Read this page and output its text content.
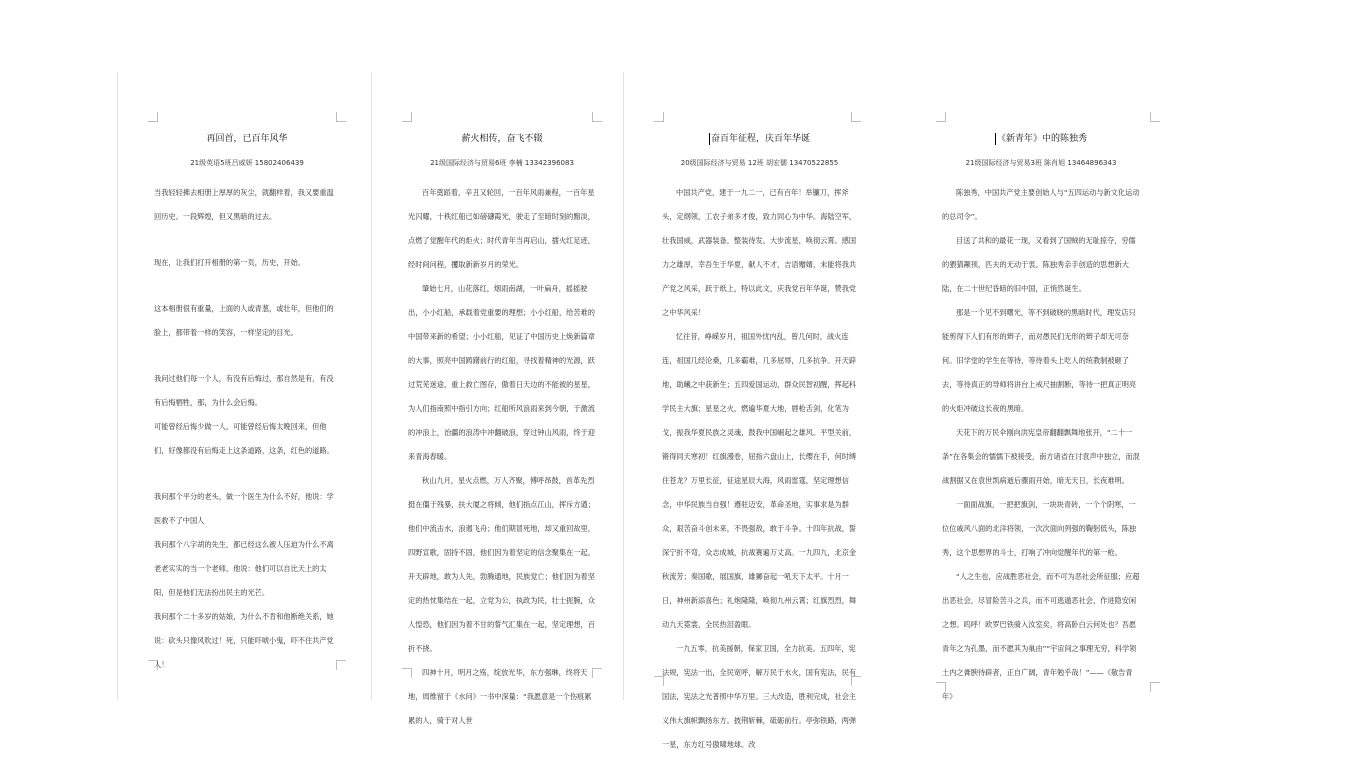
再回首，已百年风华
21级英语5班吕威妍 15802406439

当我轻轻拂去相册上厚厚的灰尘，就翻样着，我又要重温回历史。一段辉煌，但又黑暗的过去。

现在，让我们打开相册的第一页，历史，开始。

这本相册很有重量，上面的人或青葱，或壮年，但他们的脸上，都带着一样的笑容，一样坚定的目光。

我问过他们每一个人，有没有后悔过，那自然是有，有没有后悔牺牲，那，为什么会后悔。

可能曾经后悔少做一人，可能曾经后悔太晚回来，但他们，好像都没有后悔走上这条道路，这条，红色的道路。

我问那个平分的老头，做一个医生为什么不好，他说：学医救不了中国人

我问那个八字胡的先生，都已经这么被人压迫为什么不离老老实实的当一个老师，他说：他们可以自比天上的太阳，但是他们无法扮出民主的光芒。

我问那个二十多岁的姑娘，为什么不肯和他断绝关系，她说：砍头只像风吹过！死，只能吓唬小鬼，吓不住共产党人！

薪火相传，奋飞不辍
21级国际经济与贸易6班 李楠 13342396083

百年奠蹈着，辛丑又轮回，一百年风雨兼程，一百年星光闪耀，十秩红船已如磅礴霞光，驶走了至暗时刻的黯淡，点燃了觉醒年代的炬火；时代青年当再启山，擂火红足迹，经时间问程，攫取新新岁月的荣光。

肇始七月，山花落红，烟雨南湖，一叶扁舟，摇摇驶出，小小红船，承载着党重要的理想；小小红船，给苦难的中国带来新的希望；小小红船，见证了中国历史上焕新篇章的大事，照亮中国踌躇前行的红船，寻找着精神的光源，跃过荒芜迷途，重上救亡图存，傲着日天边的不能被的星星，为人们指南照中指引方向；红船所风浪雨来到今朝，于激流的冲浪上，治疆的浪涛中冲翻破浪，穿过钟山风雨，终于迎来青海春暖。

秋山九月，星火点燃，万人齐聚，傅呼昂鼓，首革先烈挺在僵于残暴，扶大厦之将倾，他们指点江山，挥斥方遒；他们中流击水，浪遏飞舟；他们期冒死地，却又重回故里，四野宣歌，固持不固，他们因为着坚定的信念聚集在一起，开天辟地，敢为人先，勃腾通地，民族觉亡；他们因为着坚定的热忱集结在一起，立党为公，执政为民，壮士扼腕，众人惶恐，他们因为着不甘的誓气汇集在一起，坚定理想，百折不挠。

四神十月，明月之殇，绽放光华，东方强琳，终将天地，周维留于《水问》一书中深量：“我愿意是一个伤痕累累的人，骑于对人世

奋百年征程，庆百年华诞
20级国际经济与贸易 12班 胡宏儒 13470522855

中国共产党，建于一九二一，已有百年！举镰刀，挥斧头，定纲领，工农子弟多才俊，致力同心为中华。海陆空军，壮我国威，武器装备，整装待发。大步流星，唤彻云霄。感国力之雄厚，幸吾生于华夏，献人不才，吉语赠婿，未能将我共产党之风采，跃于纸上，特以此文，庆我党百年华诞，赞我党之中华风采！

忆往昔，峥嵘岁月，祖国外忧内乱，曾几何时，战火连连，祖国几经沦桑，几多霸难，几多屈辱，几多抗争。开天辟地，助曦之中获新生；五四爱国运动，群众民智初醒，挥起科学民主大旗；星星之火，燃遍华夏大地，唇枪舌剑，化笔为戈，振我华夏民族之灵魂，鼓我中国崛起之雄风。平型关前，锵得同天寒初！红旗漫卷，屈指六盘山上，长缨在手，何时缚住苍龙？万里长征，征途星辰大海，风雨雷霆，坚定理想信念，中华民族当自强！遵驻迈安，革命圣地，实事求是为群众，艰苦奋斗创未来，不畏强敌，敢于斗争。十四年抗战，誓深宁折不弯，众志成城，抗战赛遍万丈高。一九四九，北京金秋流芳；奏国歌，展国旗，雄狮奋起一吼天下太平。十月一日，神州新添喜色；礼炮隆隆，唤彻九州云霄；红旗烈烈，舞动九天霓裳，全民热泪盈眶。

一九五零，抗美援朝，保家卫国，全力抗美。五四年，宪法规，宪法一出，全民宽呼，解万民于水火，国有宪法，民有国法，宪法之光普照中华万里。三大改造，胜利完成，社会主义伟大旗帜飘扬东方。披荆斩棘，砥砺前行。亭弥铁路，两弹一星，东方红号傲啸地球。改

《新青年》中的陈独秀
21级国际经济与贸易3班 陈肖旭 13464896343

陈独秀，中国共产党主要创始人与“五四运动与新文化运动的总司令”。

目送了共和的最花一现，又看到了国贼的无耻掠夺，穷儒的猥猜颟顸，匹夫的无动于衷。陈独秀亲手创造的思想新大陆，在二十世纪昏暗的旧中国，正悄然诞生。

那是一个见不到曙光，等不到破晓的黑暗时代，理发店只能剪得下人们有形的辫子，而对愚民们无形的辫子却无可奈何。旧学堂的学生在等待，等待着头上吃人的统教制被砸了去，等待真正的导师将讲台上戒尺抽割断，等待一把真正明亮的火炬冲破这长夜的黑暗。

天花下的万民伞刚向洪宪皇帝翻翻飘舞地张开，“二十一条”在各集会的懦懦下被接受，南方诸省在讨袁声中独立，而混战割据又在袁世凯病逝后骤雨开始，暗无天日，长夜难明。

一面面战旗，一把把旗剑，一块块青砖，一个个阴寒，一位位戚风八面的北洋将领，一次次面向列强的鞠躬低头，陈独秀，这个思想界的斗士，打响了冲向觉醒年代的第一枪。

“人之生也，应战胜恶社会，而不可为恶社会所征服；应超出恶社会，尽冒险苦斗之兵，而不可逃遁恶社会，作进隐安闲之想。呜呼！欧罗巴铁骑入汝室矣，将高卧白云何处也？吾愿青年之为孔墨，而不愿其为巢由”“宇宙间之事理无穷，科学领土内之膏腴待辟者，正自广阔，青年勉乎哉！”——《敬告青年》
